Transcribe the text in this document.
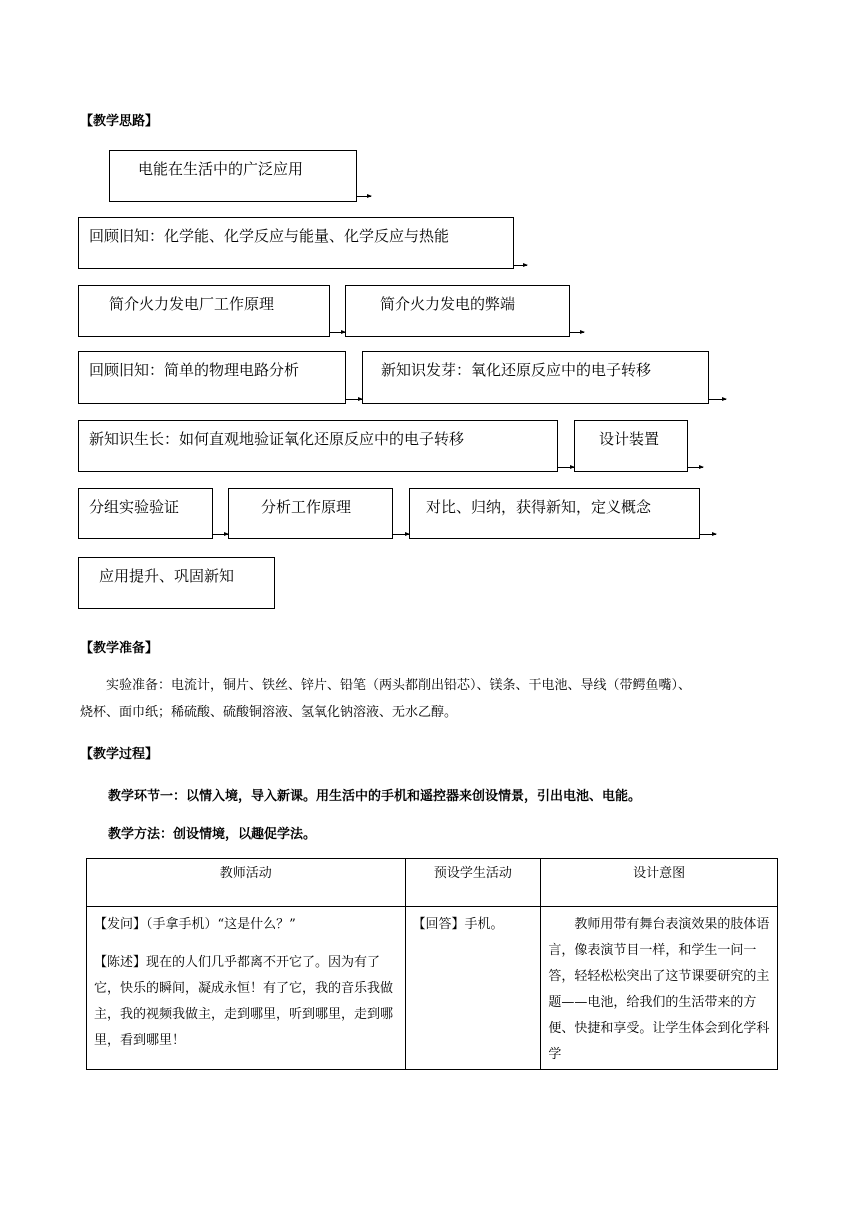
【教学思路】
电能在生活中的广泛应用
回顾旧知：化学能、化学反应与能量、化学反应与热能
简介火力发电厂工作原理	简介火力发电的弊端
回顾旧知：简单的物理电路分析	新知识发芽：氧化还原反应中的电子转移
新知识生长：如何直观地验证氧化还原反应中的电子转移	设计装置
分组实验验证	分析工作原理	对比、归纳，获得新知，定义概念
应用提升、巩固新知
【教学准备】
实验准备：电流计，铜片、铁丝、锌片、铅笔（两头都削出铅芯）、镁条、干电池、导线（带鳄鱼嘴）、
烧杯、面巾纸；稀硫酸、硫酸铜溶液、氢氧化钠溶液、无水乙醇。
【教学过程】
教学环节一：以情入境，导入新课。用生活中的手机和遥控器来创设情景，引出电池、电能。
教学方法：创设情境，以趣促学法。
教师活动	预设学生活动	设计意图

【发问】（手拿手机）“这是什么？”
【陈述】现在的人们几乎都离不开它了。因为有了它，快乐的瞬间，凝成永恒！有了它，我的音乐我做主，我的视频我做主，走到哪里，听到哪里，走到哪里，看到哪里！	【回答】手机。	教师用带有舞台表演效果的肢体语言，像表演节目一样，和学生一问一答，轻轻松松突出了这节课要研究的主题——电池，给我们的生活带来的方便、快捷和享受。让学生体会到化学科学
